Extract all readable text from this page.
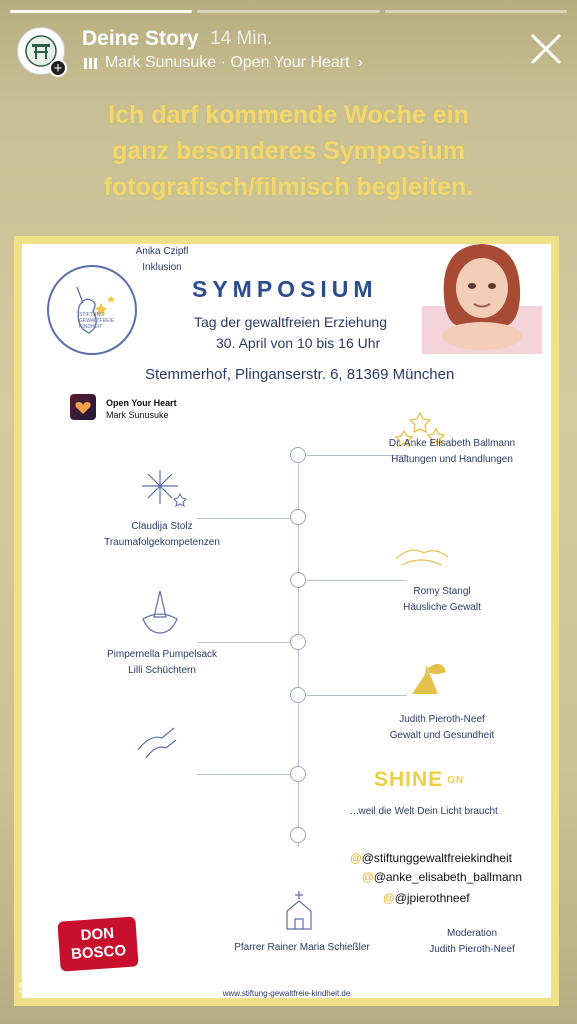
+
Deine Story 14 Min.
Mark Sunusuke · Open Your Heart ›
Ich darf kommende Woche ein
ganz besonderes Symposium
fotografisch/filmisch begleiten.
STIFTUNG GEWALTFREIE KINDHEIT
SYMPOSIUM
Tag der gewaltfreien Erziehung
30. April von 10 bis 16 Uhr
Stemmerhof, Plinganserstr. 6, 81369 München
Open Your Heart
Mark Sunusuke
Dr. Anke Elisabeth Ballmann
Haltungen und Handlungen
Claudija Stolz
Traumafolgekompetenzen
Romy Stangl
Häusliche Gewalt
Pimpernella Pumpelsack
Lilli Schüchtern
Judith Pieroth-Neef
Gewalt und Gesundheit
Anika Czipfl
Inklusion
SHINE ON
...weil die Welt Dein Licht braucht
@@stiftunggewaltfreiekindheit
@@anke_elisabeth_ballmann
@@jpierothneef
DON
BOSCO	Pfarrer Rainer Maria Schießler
Moderation
Judith Pieroth-Neef
www.stiftung-gewaltfreie-kindheit.de
Sag etwas ...
